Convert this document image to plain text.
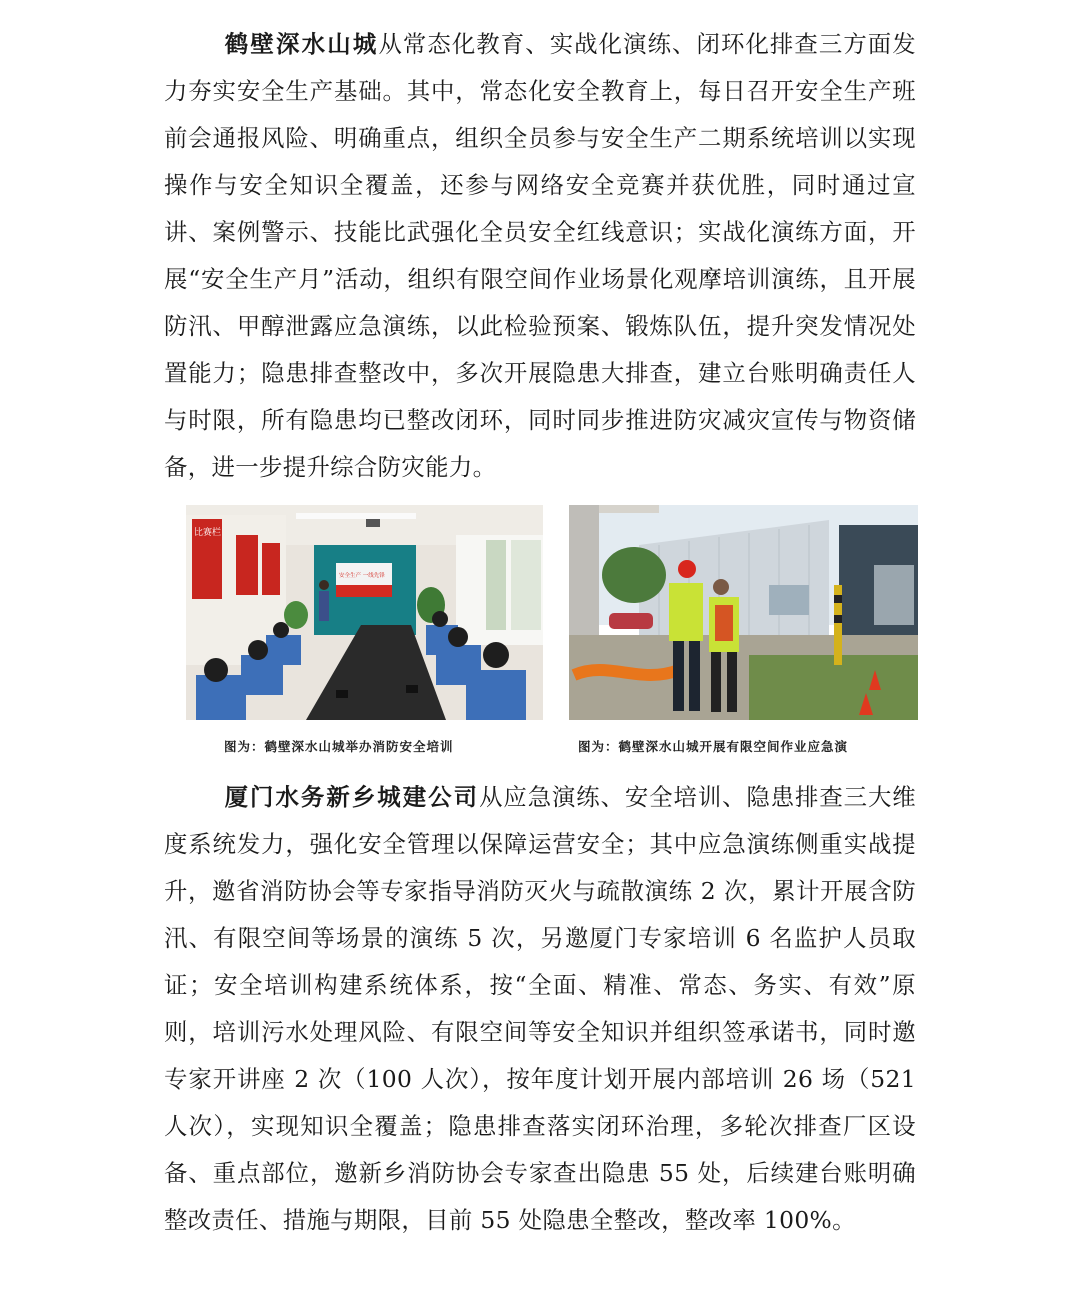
鹤壁深水山城从常态化教育、实战化演练、闭环化排查三方面发力夯实安全生产基础。其中，常态化安全教育上，每日召开安全生产班前会通报风险、明确重点，组织全员参与安全生产二期系统培训以实现操作与安全知识全覆盖，还参与网络安全竞赛并获优胜，同时通过宣讲、案例警示、技能比武强化全员安全红线意识；实战化演练方面，开展“安全生产月”活动，组织有限空间作业场景化观摩培训演练，且开展防汛、甲醇泄露应急演练，以此检验预案、锻炼队伍，提升突发情况处置能力；隐患排查整改中，多次开展隐患大排查，建立台账明确责任人与时限，所有隐患均已整改闭环，同时同步推进防灾减灾宣传与物资储备，进一步提升综合防灾能力。

比赛栏
安全生产 一线先锋
图为：鹤壁深水山城举办消防安全培训	图为：鹤壁深水山城开展有限空间作业应急演

厦门水务新乡城建公司从应急演练、安全培训、隐患排查三大维度系统发力，强化安全管理以保障运营安全；其中应急演练侧重实战提升，邀省消防协会等专家指导消防灭火与疏散演练 2 次，累计开展含防汛、有限空间等场景的演练 5 次，另邀厦门专家培训 6 名监护人员取证；安全培训构建系统体系，按“全面、精准、常态、务实、有效”原则，培训污水处理风险、有限空间等安全知识并组织签承诺书，同时邀专家开讲座 2 次（100 人次），按年度计划开展内部培训 26 场（521 人次），实现知识全覆盖；隐患排查落实闭环治理，多轮次排查厂区设备、重点部位，邀新乡消防协会专家查出隐患 55 处，后续建台账明确整改责任、措施与期限，目前 55 处隐患全整改，整改率 100%。
